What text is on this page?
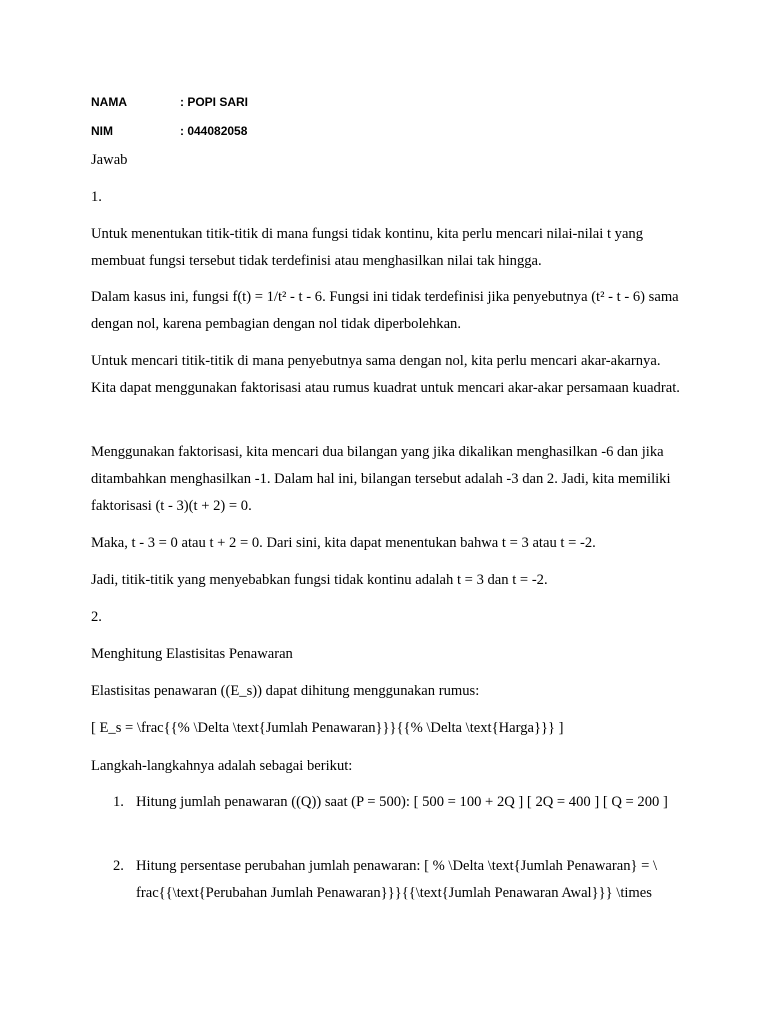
NAMA	: POPI SARI
NIM	: 044082058
Jawab
1.
Untuk menentukan titik-titik di mana fungsi tidak kontinu, kita perlu mencari nilai-nilai t yang membuat fungsi tersebut tidak terdefinisi atau menghasilkan nilai tak hingga.
Dalam kasus ini, fungsi f(t) = 1/t² - t - 6. Fungsi ini tidak terdefinisi jika penyebutnya (t² - t - 6) sama dengan nol, karena pembagian dengan nol tidak diperbolehkan.
Untuk mencari titik-titik di mana penyebutnya sama dengan nol, kita perlu mencari akar-akarnya. Kita dapat menggunakan faktorisasi atau rumus kuadrat untuk mencari akar-akar persamaan kuadrat.
Menggunakan faktorisasi, kita mencari dua bilangan yang jika dikalikan menghasilkan -6 dan jika ditambahkan menghasilkan -1. Dalam hal ini, bilangan tersebut adalah -3 dan 2. Jadi, kita memiliki faktorisasi (t - 3)(t + 2) = 0.
Maka, t - 3 = 0 atau t + 2 = 0. Dari sini, kita dapat menentukan bahwa t = 3 atau t = -2.
Jadi, titik-titik yang menyebabkan fungsi tidak kontinu adalah t = 3 dan t = -2.
2.
Menghitung Elastisitas Penawaran
Elastisitas penawaran ((E_s)) dapat dihitung menggunakan rumus:
[ E_s = \frac{{% \Delta \text{Jumlah Penawaran}}}{{% \Delta \text{Harga}}} ]
Langkah-langkahnya adalah sebagai berikut:
1. Hitung jumlah penawaran ((Q)) saat (P = 500): [ 500 = 100 + 2Q ] [ 2Q = 400 ] [ Q = 200 ]
2. Hitung persentase perubahan jumlah penawaran: [ % \Delta \text{Jumlah Penawaran} = \ frac{{\text{Perubahan Jumlah Penawaran}}}{{\text{Jumlah Penawaran Awal}}} \times
